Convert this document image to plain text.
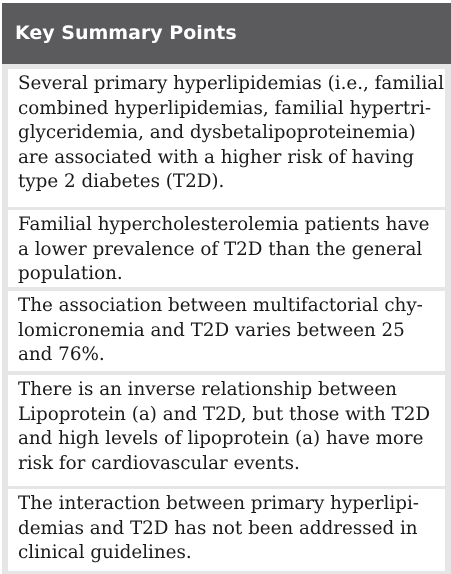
Key Summary Points
Several primary hyperlipidemias (i.e., familial
combined hyperlipidemias, familial hypertri-
glyceridemia, and dysbetalipoproteinemia)
are associated with a higher risk of having
type 2 diabetes (T2D).
Familial hypercholesterolemia patients have
a lower prevalence of T2D than the general
population.
The association between multifactorial chy-
lomicronemia and T2D varies between 25
and 76%.
There is an inverse relationship between
Lipoprotein (a) and T2D, but those with T2D
and high levels of lipoprotein (a) have more
risk for cardiovascular events.
The interaction between primary hyperlipi-
demias and T2D has not been addressed in
clinical guidelines.
